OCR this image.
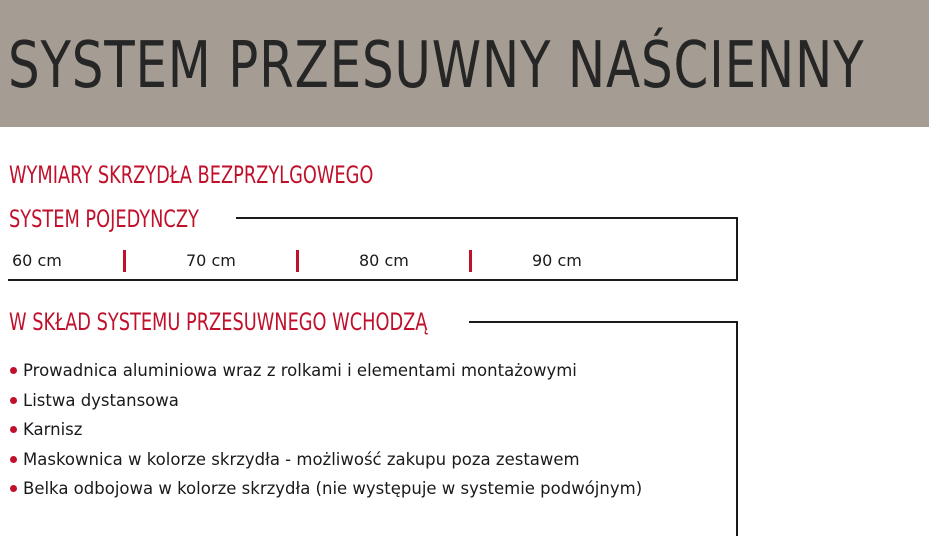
SYSTEM PRZESUWNY NAŚCIENNY
WYMIARY SKRZYDŁA BEZPRZYLGOWEGO
SYSTEM POJEDYNCZY
60 cm	70 cm	80 cm	90 cm
W SKŁAD SYSTEMU PRZESUWNEGO WCHODZĄ
Prowadnica aluminiowa wraz z rolkami i elementami montażowymi
Listwa dystansowa
Karnisz
Maskownica w kolorze skrzydła - możliwość zakupu poza zestawem
Belka odbojowa w kolorze skrzydła (nie występuje w systemie podwójnym)
